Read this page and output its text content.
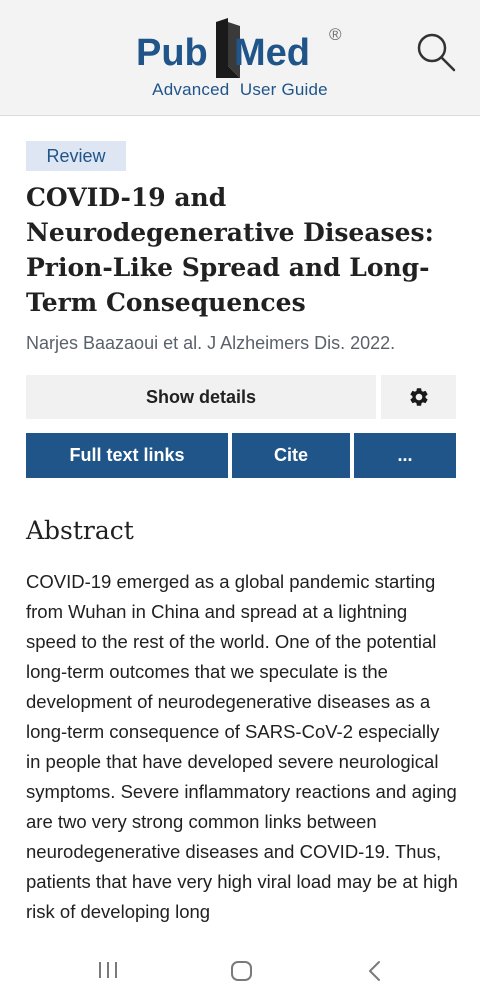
Pub Med ®
Advanced User Guide
Review
COVID-19 and Neurodegenerative Diseases: Prion-Like Spread and Long-Term Consequences
Narjes Baazaoui et al. J Alzheimers Dis. 2022.
Show details
Full text links	Cite	...
Abstract

COVID-19 emerged as a global pandemic starting from Wuhan in China and spread at a lightning speed to the rest of the world. One of the potential long-term outcomes that we speculate is the development of neurodegenerative diseases as a long-term consequence of SARS-CoV-2 especially in people that have developed severe neurological symptoms. Severe inflammatory reactions and aging are two very strong common links between neurodegenerative diseases and COVID-19. Thus, patients that have very high viral load may be at high risk of developing long
